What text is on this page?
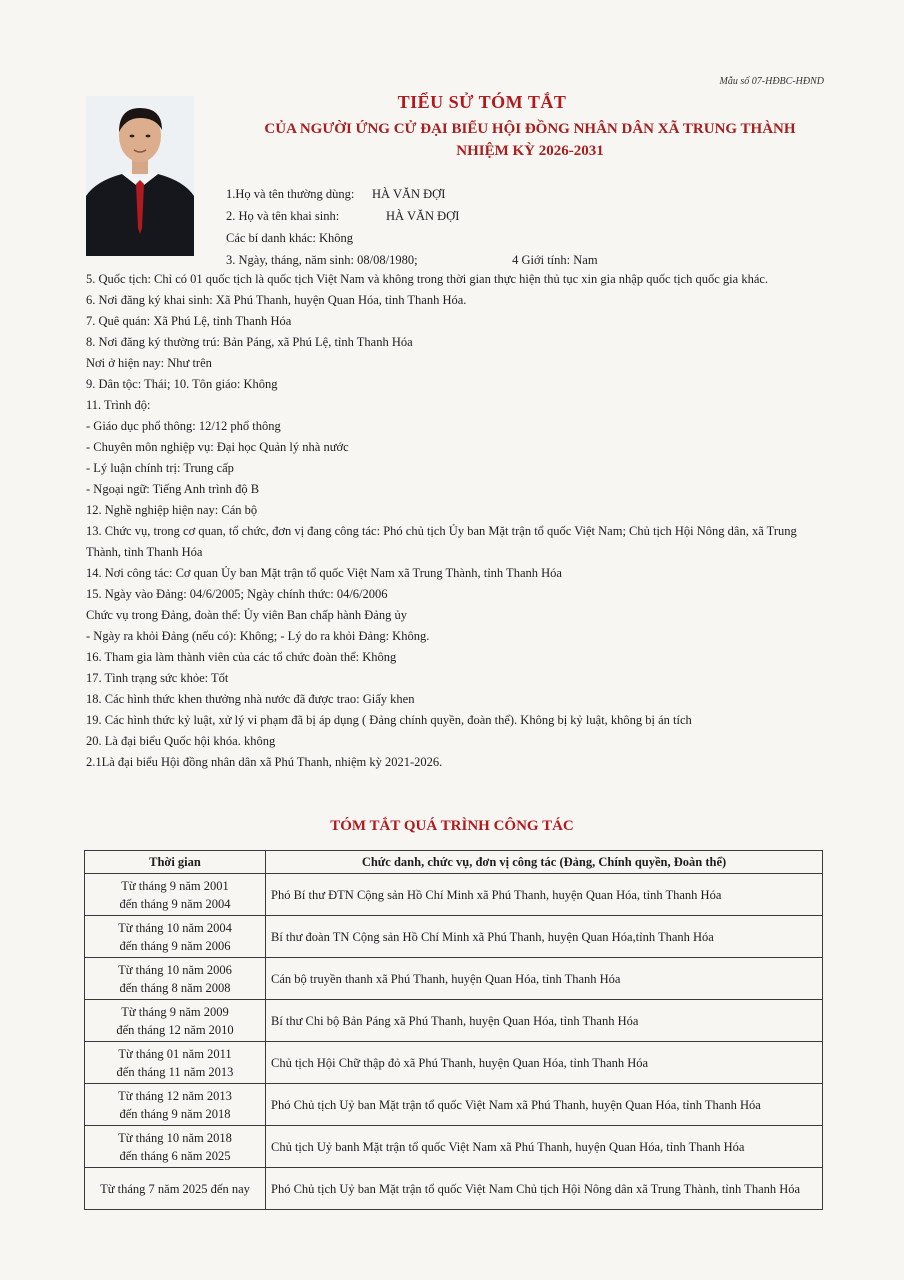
Mẫu số 07-HĐBC-HĐND
TIỂU SỬ TÓM TẮT
CỦA NGƯỜI ỨNG CỬ ĐẠI BIỂU HỘI ĐỒNG NHÂN DÂN XÃ TRUNG THÀNH
NHIỆM KỲ 2026-2031
1.Họ và tên thường dùng: HÀ VĂN ĐỢI
2. Họ và tên khai sinh:	HÀ VĂN ĐỢI
Các bí danh khác: Không
3. Ngày, tháng, năm sinh: 08/08/1980;	4 Giới tính: Nam

5. Quốc tịch: Chỉ có 01 quốc tịch là quốc tịch Việt Nam và không trong thời gian thực hiện thủ tục xin gia nhập quốc tịch quốc gia khác.

6. Nơi đăng ký khai sinh: Xã Phú Thanh, huyện Quan Hóa, tỉnh Thanh Hóa.

7. Quê quán: Xã Phú Lệ, tỉnh Thanh Hóa

8. Nơi đăng ký thường trú: Bản Páng, xã Phú Lệ, tỉnh Thanh Hóa

Nơi ở hiện nay: Như trên

9. Dân tộc: Thái; 10. Tôn giáo: Không

11. Trình độ:

- Giáo dục phổ thông: 12/12 phổ thông

- Chuyên môn nghiệp vụ: Đại học Quản lý nhà nước

- Lý luận chính trị: Trung cấp

- Ngoại ngữ: Tiếng Anh trình độ B

12. Nghề nghiệp hiện nay: Cán bộ

13. Chức vụ, trong cơ quan, tổ chức, đơn vị đang công tác: Phó chủ tịch Ủy ban Mặt trận tổ quốc Việt Nam; Chủ tịch Hội Nông dân, xã Trung Thành, tỉnh Thanh Hóa

14. Nơi công tác: Cơ quan Ủy ban Mặt trận tổ quốc Việt Nam xã Trung Thành, tỉnh Thanh Hóa

15. Ngày vào Đảng: 04/6/2005; Ngày chính thức: 04/6/2006

Chức vụ trong Đảng, đoàn thể: Ủy viên Ban chấp hành Đảng ủy

- Ngày ra khỏi Đảng (nếu có): Không; - Lý do ra khỏi Đảng: Không.

16. Tham gia làm thành viên của các tổ chức đoàn thể: Không

17. Tình trạng sức khỏe: Tốt

18. Các hình thức khen thưởng nhà nước đã được trao: Giấy khen

19. Các hình thức kỷ luật, xử lý vi phạm đã bị áp dụng ( Đảng chính quyền, đoàn thể). Không bị kỷ luật, không bị án tích

20. Là đại biểu Quốc hội khóa. không

2.1Là đại biểu Hội đồng nhân dân xã Phú Thanh, nhiệm kỳ 2021-2026.

TÓM TẮT QUÁ TRÌNH CÔNG TÁC
Thời gian	Chức danh, chức vụ, đơn vị công tác (Đảng, Chính quyền, Đoàn thể)

Từ tháng 9 năm 2001
đến tháng 9 năm 2004	Phó Bí thư ĐTN Cộng sản Hồ Chí Minh xã Phú Thanh, huyện Quan Hóa, tỉnh Thanh Hóa

Từ tháng 10 năm 2004
đến tháng 9 năm 2006	Bí thư đoàn TN Cộng sản Hồ Chí Minh xã Phú Thanh, huyện Quan Hóa,tỉnh Thanh Hóa

Từ tháng 10 năm 2006
đến tháng 8 năm 2008	Cán bộ truyền thanh xã Phú Thanh, huyện Quan Hóa, tỉnh Thanh Hóa

Từ tháng 9 năm 2009
đến tháng 12 năm 2010	Bí thư Chi bộ Bản Páng xã Phú Thanh, huyện Quan Hóa, tỉnh Thanh Hóa

Từ tháng 01 năm 2011
đến tháng 11 năm 2013	Chủ tịch Hội Chữ thập đỏ xã Phú Thanh, huyện Quan Hóa, tỉnh Thanh Hóa

Từ tháng 12 năm 2013
đến tháng 9 năm 2018	Phó Chủ tịch Uỷ ban Mặt trận tổ quốc Việt Nam xã Phú Thanh, huyện Quan Hóa, tỉnh Thanh Hóa

Từ tháng 10 năm 2018
đến tháng 6 năm 2025	Chủ tịch Uỷ banh Mặt trận tổ quốc Việt Nam xã Phú Thanh, huyện Quan Hóa, tỉnh Thanh Hóa

Từ tháng 7 năm 2025 đến nay	Phó Chủ tịch Uỷ ban Mặt trận tổ quốc Việt Nam Chủ tịch Hội Nông dân xã Trung Thành, tỉnh Thanh Hóa
